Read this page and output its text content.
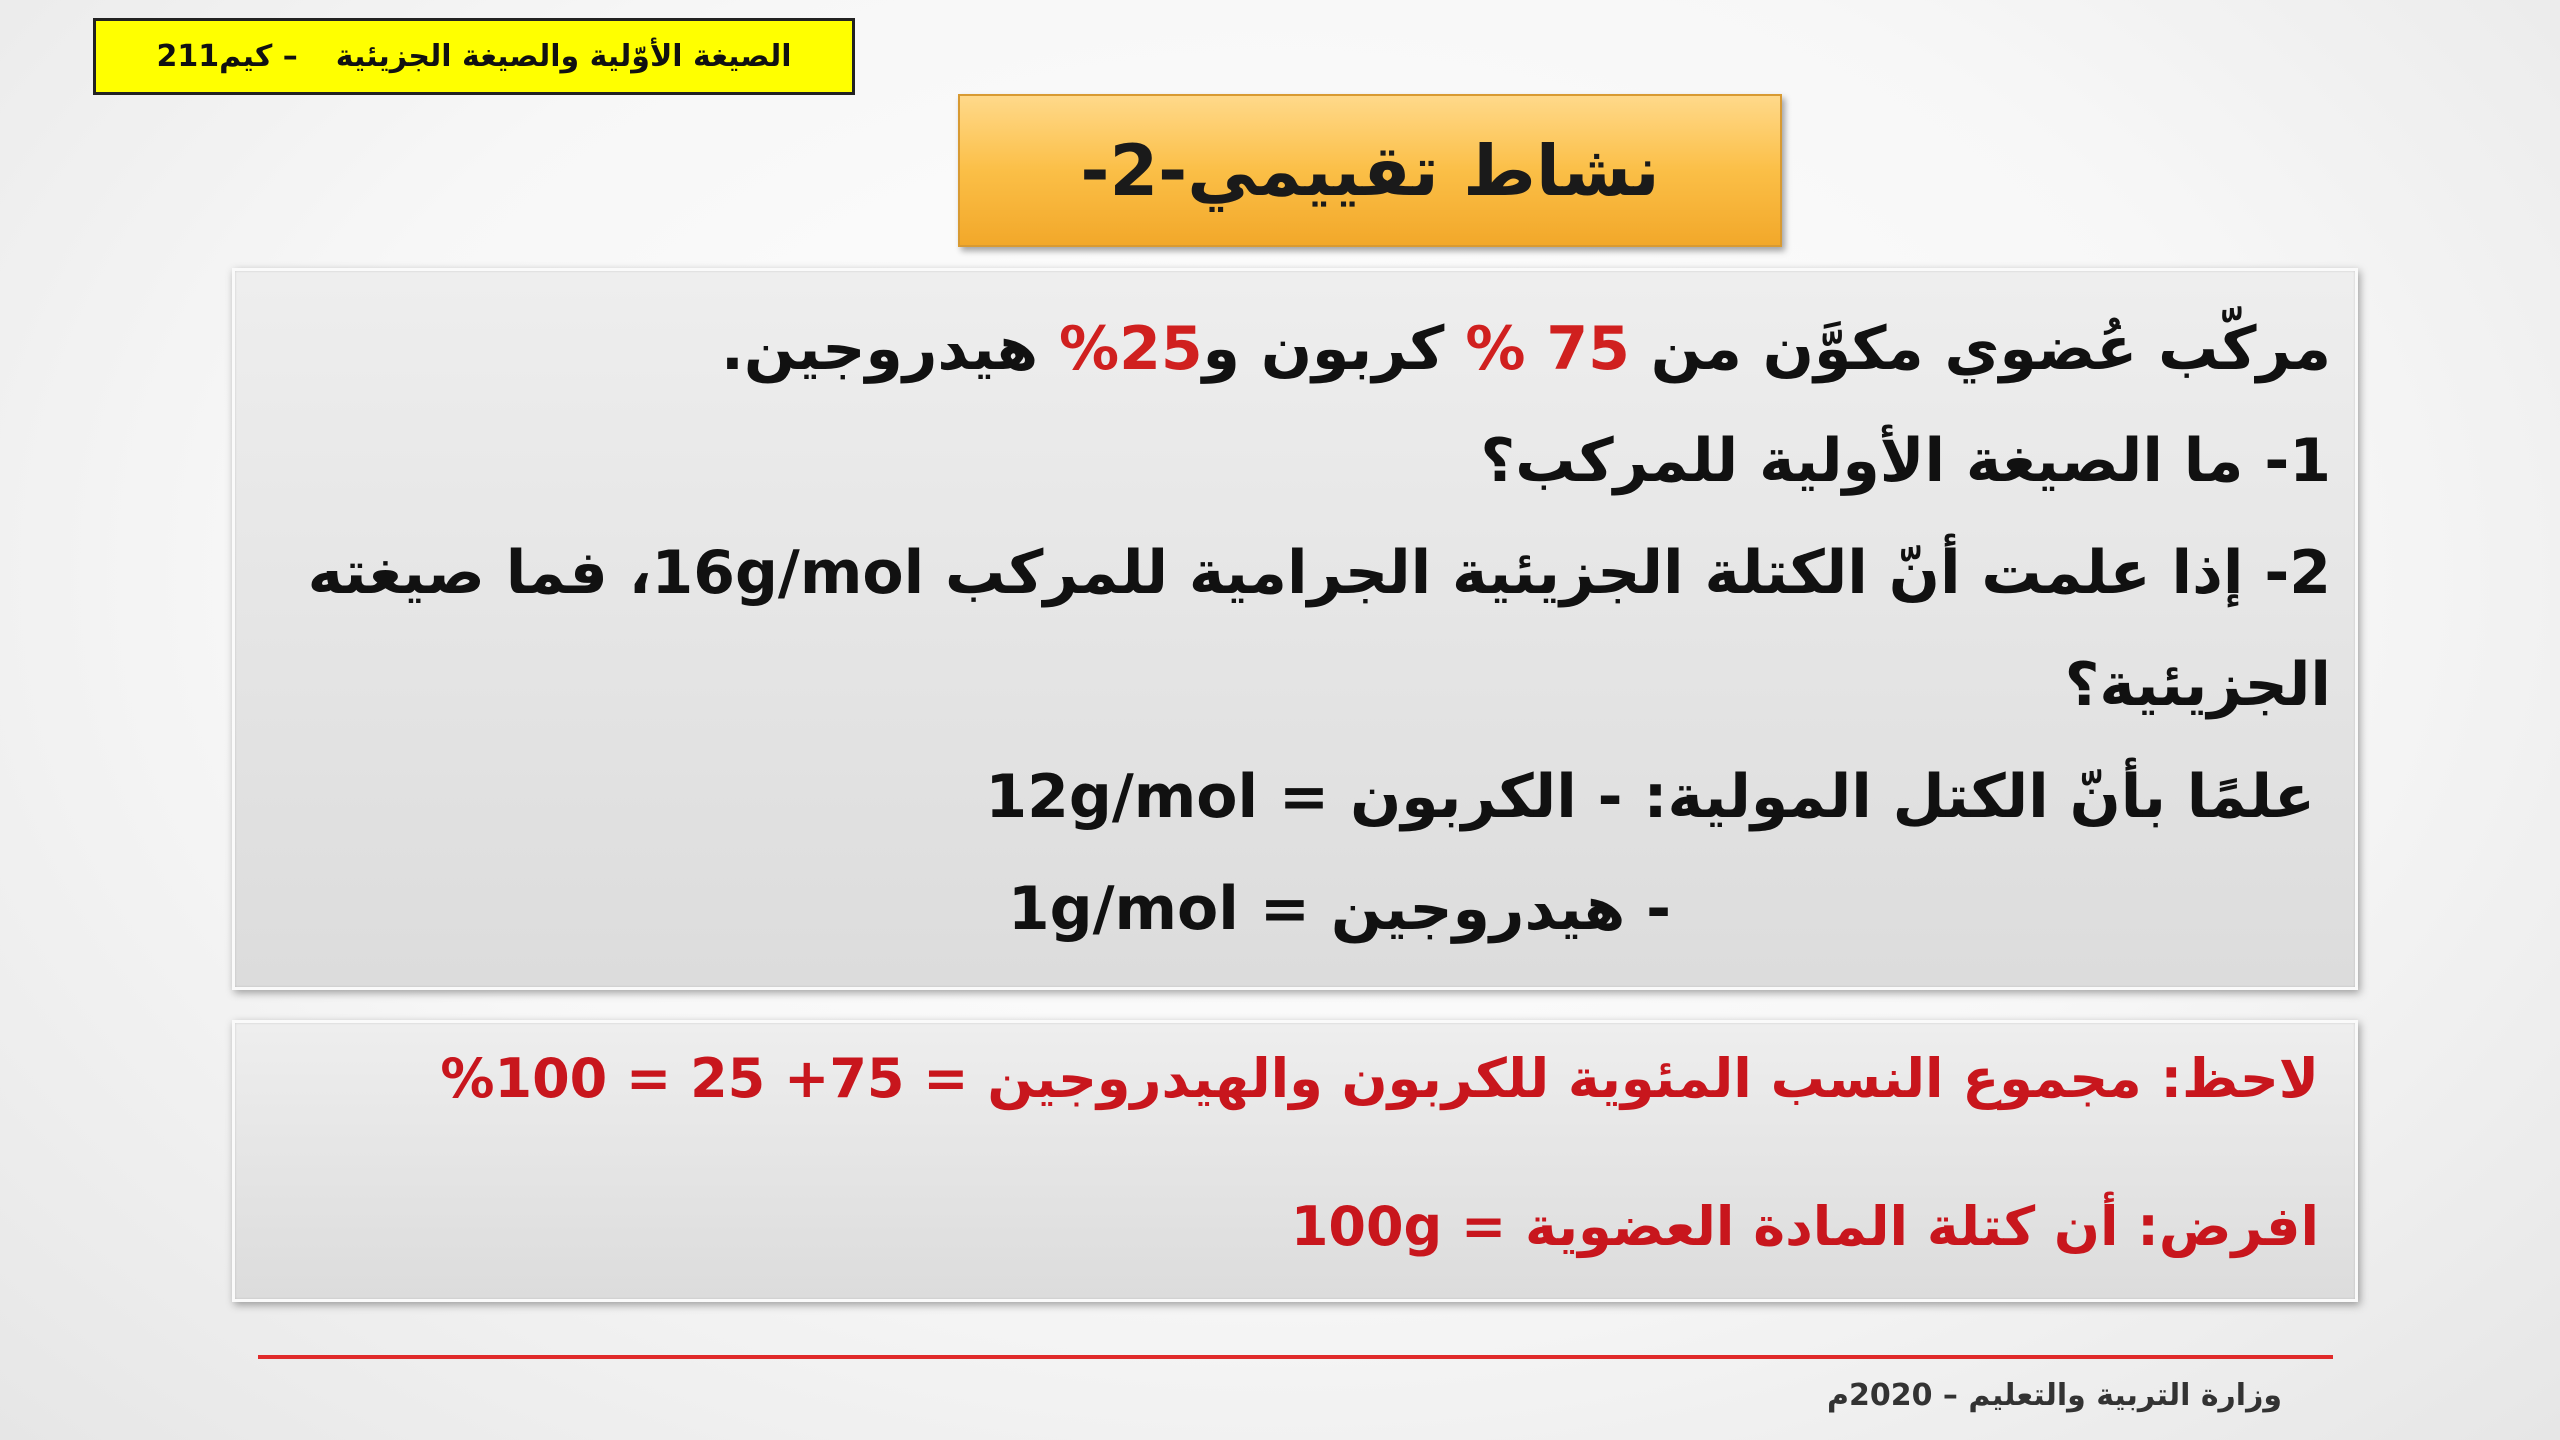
الصيغة الأوّلية والصيغة الجزيئية
– كيم211
نشاط تقييمي-2-
مركّب عُضوي مكوَّن من 75 % كربون و25% هيدروجين.
1- ما الصيغة الأولية للمركب؟
2- إذا علمت أنّ الكتلة الجزيئية الجرامية للمركب 16g/mol، فما صيغته
الجزيئية؟
علمًا بأنّ الكتل المولية: - الكربون = 12g/mol
- هيدروجين = 1g/mol
لاحظ: مجموع النسب المئوية للكربون والهيدروجين = 75+ 25 = 100%
افرض: أن كتلة المادة العضوية = 100g
وزارة التربية والتعليم – 2020م
